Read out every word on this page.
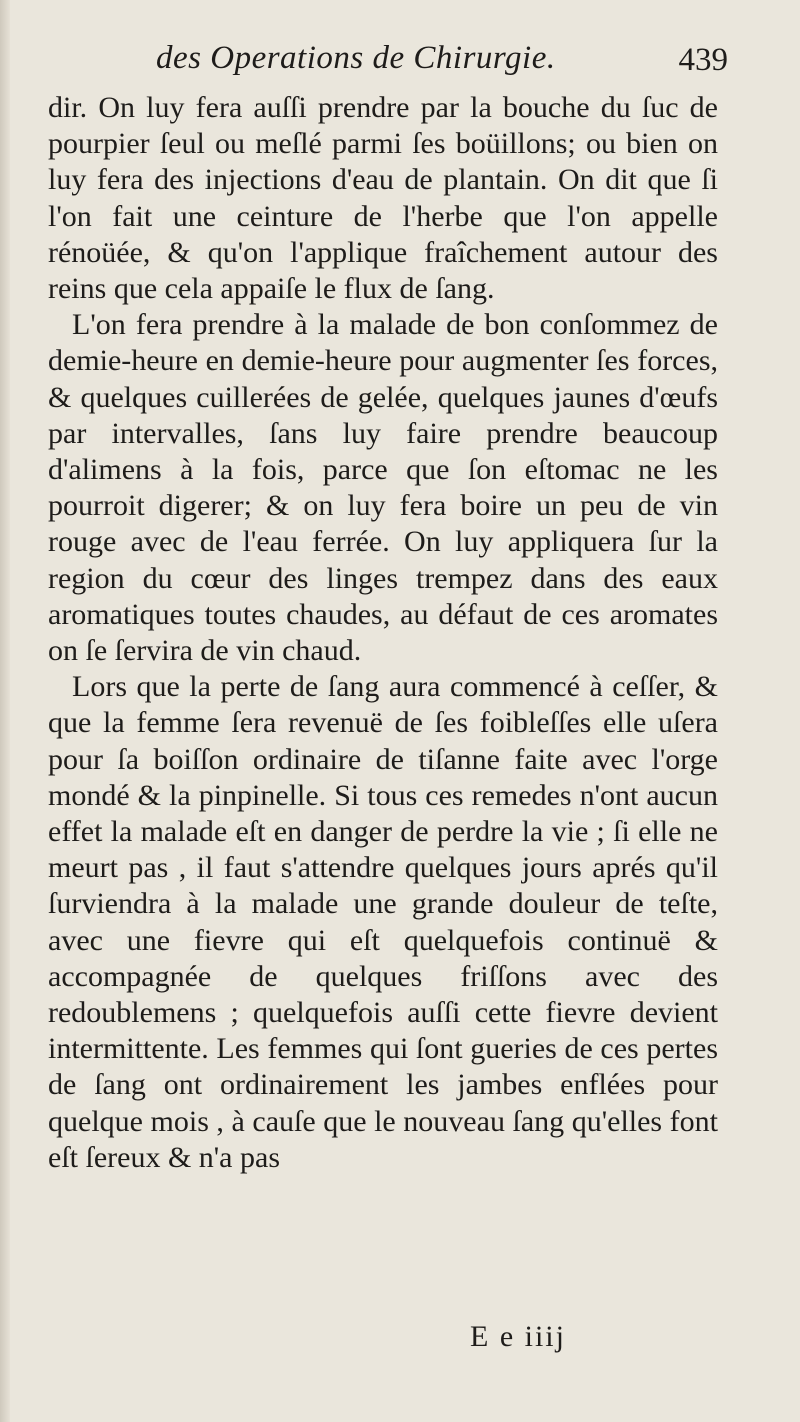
des Operations de Chirurgie.	439

dir. On luy fera auſſi prendre par la bouche du ſuc de pourpier ſeul ou meſlé parmi ſes boüillons; ou bien on luy fera des injections d'eau de plantain. On dit que ſi l'on fait une ceinture de l'herbe que l'on appelle rénoüée, & qu'on l'applique fraîchement autour des reins que cela appaiſe le flux de ſang.

L'on fera prendre à la malade de bon conſommez de demie-heure en demie-heure pour augmenter ſes forces, & quelques cuillerées de gelée, quelques jaunes d'œufs par intervalles, ſans luy faire prendre beaucoup d'alimens à la fois, parce que ſon eſtomac ne les pourroit digerer; & on luy fera boire un peu de vin rouge avec de l'eau ferrée. On luy appliquera ſur la region du cœur des linges trempez dans des eaux aromatiques toutes chaudes, au défaut de ces aromates on ſe ſervira de vin chaud.

Lors que la perte de ſang aura commencé à ceſſer, & que la femme ſera revenuë de ſes foibleſſes elle uſera pour ſa boiſſon ordinaire de tiſanne faite avec l'orge mondé & la pinpinelle. Si tous ces remedes n'ont aucun effet la malade eſt en danger de perdre la vie ; ſi elle ne meurt pas , il faut s'attendre quelques jours aprés qu'il ſurviendra à la malade une grande douleur de teſte, avec une fievre qui eſt quelquefois continuë & accompagnée de quelques friſſons avec des redoublemens ; quelquefois auſſi cette fievre devient intermittente. Les femmes qui ſont gueries de ces pertes de ſang ont ordinairement les jambes enflées pour quelque mois , à cauſe que le nouveau ſang qu'elles font eſt ſereux & n'a pas

E e iiij
